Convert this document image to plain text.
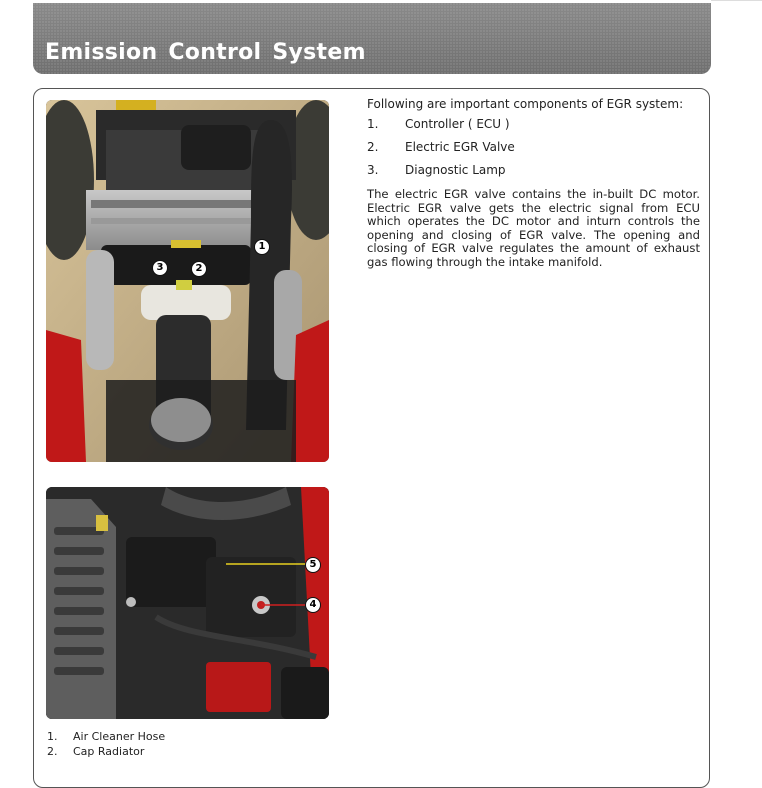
Emission Control System
1
2
3
5
4

Following are important components of EGR system:

1.	Controller ( ECU )
2.	Electric EGR Valve
3.	Diagnostic Lamp

The electric EGR valve contains the in-built DC motor. Electric EGR valve gets the electric signal from ECU which operates the DC motor and inturn controls the opening and closing of EGR valve. The opening and closing of EGR valve regulates the amount of exhaust gas flowing through the intake manifold.

1.	Air Cleaner Hose
2.	Cap Radiator
